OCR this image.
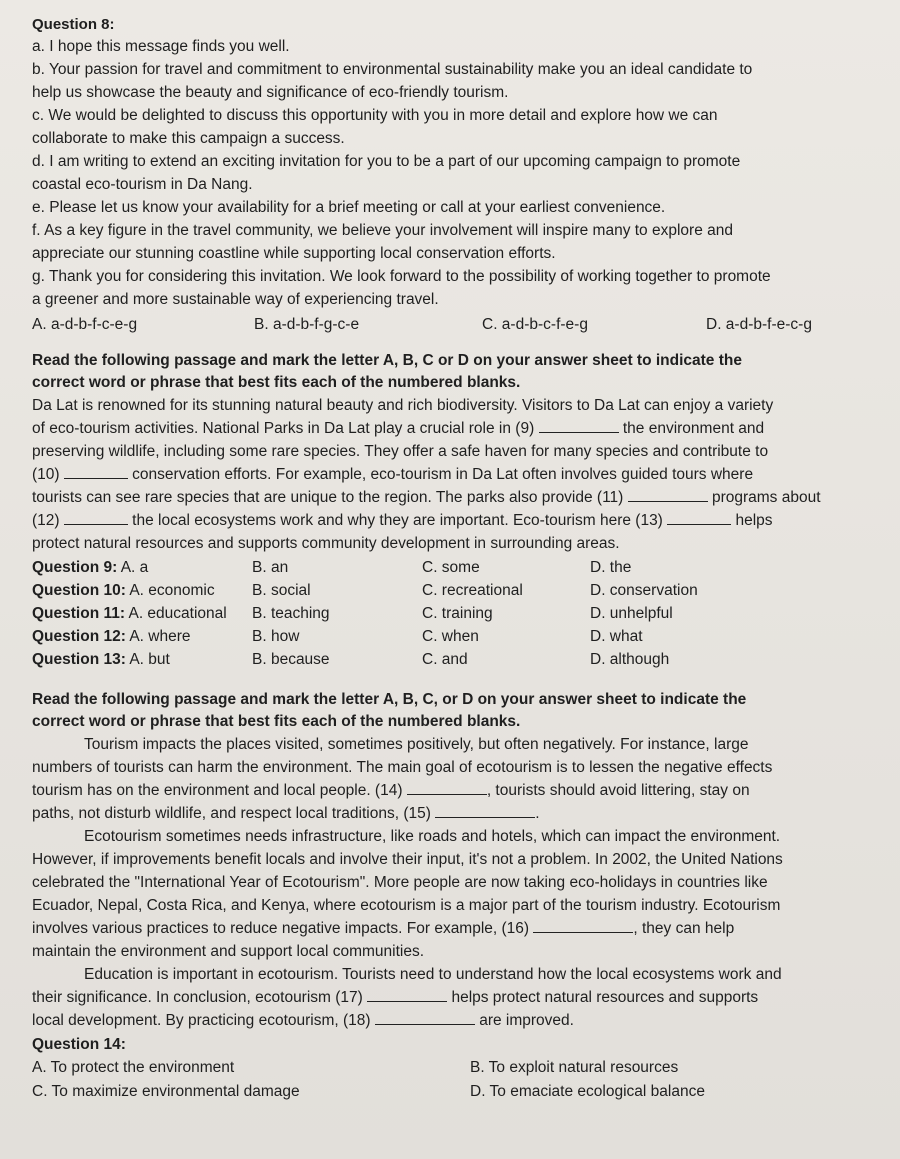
Question 8:
a. I hope this message finds you well.
b. Your passion for travel and commitment to environmental sustainability make you an ideal candidate to
help us showcase the beauty and significance of eco-friendly tourism.
c. We would be delighted to discuss this opportunity with you in more detail and explore how we can
collaborate to make this campaign a success.
d. I am writing to extend an exciting invitation for you to be a part of our upcoming campaign to promote
coastal eco-tourism in Da Nang.
e. Please let us know your availability for a brief meeting or call at your earliest convenience.
f. As a key figure in the travel community, we believe your involvement will inspire many to explore and
appreciate our stunning coastline while supporting local conservation efforts.
g. Thank you for considering this invitation. We look forward to the possibility of working together to promote
a greener and more sustainable way of experiencing travel.
A. a-d-b-f-c-e-g	B. a-d-b-f-g-c-e	C. a-d-b-c-f-e-g	D. a-d-b-f-e-c-g
Read the following passage and mark the letter A, B, C or D on your answer sheet to indicate the
correct word or phrase that best fits each of the numbered blanks.
Da Lat is renowned for its stunning natural beauty and rich biodiversity. Visitors to Da Lat can enjoy a variety
of eco-tourism activities. National Parks in Da Lat play a crucial role in (9)	the environment and
preserving wildlife, including some rare species. They offer a safe haven for many species and contribute to
(10)	conservation efforts. For example, eco-tourism in Da Lat often involves guided tours where
tourists can see rare species that are unique to the region. The parks also provide (11)	programs about
(12)	the local ecosystems work and why they are important. Eco-tourism here (13)	helps
protect natural resources and supports community development in surrounding areas.
Question 9: A. a	B. an	C. some	D. the
Question 10: A. economic	B. social	C. recreational	D. conservation
Question 11: A. educational	B. teaching	C. training	D. unhelpful
Question 12: A. where	B. how	C. when	D. what
Question 13: A. but	B. because	C. and	D. although
Read the following passage and mark the letter A, B, C, or D on your answer sheet to indicate the
correct word or phrase that best fits each of the numbered blanks.
Tourism impacts the places visited, sometimes positively, but often negatively. For instance, large
numbers of tourists can harm the environment. The main goal of ecotourism is to lessen the negative effects
tourism has on the environment and local people. (14)	, tourists should avoid littering, stay on
paths, not disturb wildlife, and respect local traditions, (15)	.
Ecotourism sometimes needs infrastructure, like roads and hotels, which can impact the environment.
However, if improvements benefit locals and involve their input, it's not a problem. In 2002, the United Nations
celebrated the "International Year of Ecotourism". More people are now taking eco-holidays in countries like
Ecuador, Nepal, Costa Rica, and Kenya, where ecotourism is a major part of the tourism industry. Ecotourism
involves various practices to reduce negative impacts. For example, (16)	, they can help
maintain the environment and support local communities.
Education is important in ecotourism. Tourists need to understand how the local ecosystems work and
their significance. In conclusion, ecotourism (17)	helps protect natural resources and supports
local development. By practicing ecotourism, (18)	are improved.
Question 14:
A. To protect the environment	B. To exploit natural resources
C. To maximize environmental damage	D. To emaciate ecological balance
